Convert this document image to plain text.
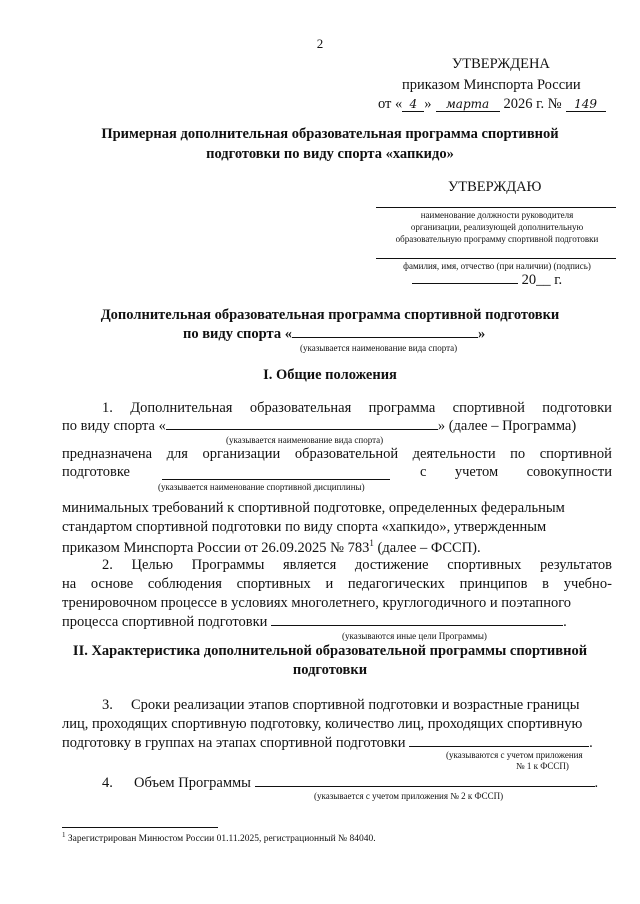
2
УТВЕРЖДЕНА
приказом Минспорта России
от « 4 » марта 2026 г. № 149
Примерная дополнительная образовательная программа спортивной
подготовки по виду спорта «хапкидо»
УТВЕРЖДАЮ
наименование должности руководителя
организации, реализующей дополнительную
образовательную программу спортивной подготовки
фамилия, имя, отчество (при наличии) (подпись)
20__ г.
Дополнительная образовательная программа спортивной подготовки
по виду спорта «	»
(указывается наименование вида спорта)
I. Общие положения
1. Дополнительная образовательная программа спортивной подготовки
по виду спорта «	» (далее – Программа)
(указывается наименование вида спорта)
предназначена для организации образовательной деятельности по спортивной
подготовке	с учетом совокупности
(указывается наименование спортивной дисциплины)
минимальных требований к спортивной подготовке, определенных федеральным
стандартом спортивной подготовки по виду спорта «хапкидо», утвержденным
приказом Минспорта России от 26.09.2025 № $783^1$ (далее – ФССП).
2. Целью Программы является достижение спортивных результатов
на основе соблюдения спортивных и педагогических принципов в учебно-
тренировочном процессе в условиях многолетнего, круглогодичного и поэтапного
процесса спортивной подготовки	.
(указываются иные цели Программы)
II. Характеристика дополнительной образовательной программы спортивной
подготовки
3.     Сроки реализации этапов спортивной подготовки и возрастные границы
лиц, проходящих спортивную подготовку, количество лиц, проходящих спортивную
подготовку в группах на этапах спортивной подготовки	.
(указываются с учетом приложения
№ 1 к ФССП)
4. Объем Программы	.
(указывается с учетом приложения № 2 к ФССП)
$^1$ Зарегистрирован Минюстом России 01.11.2025, регистрационный № 84040.
